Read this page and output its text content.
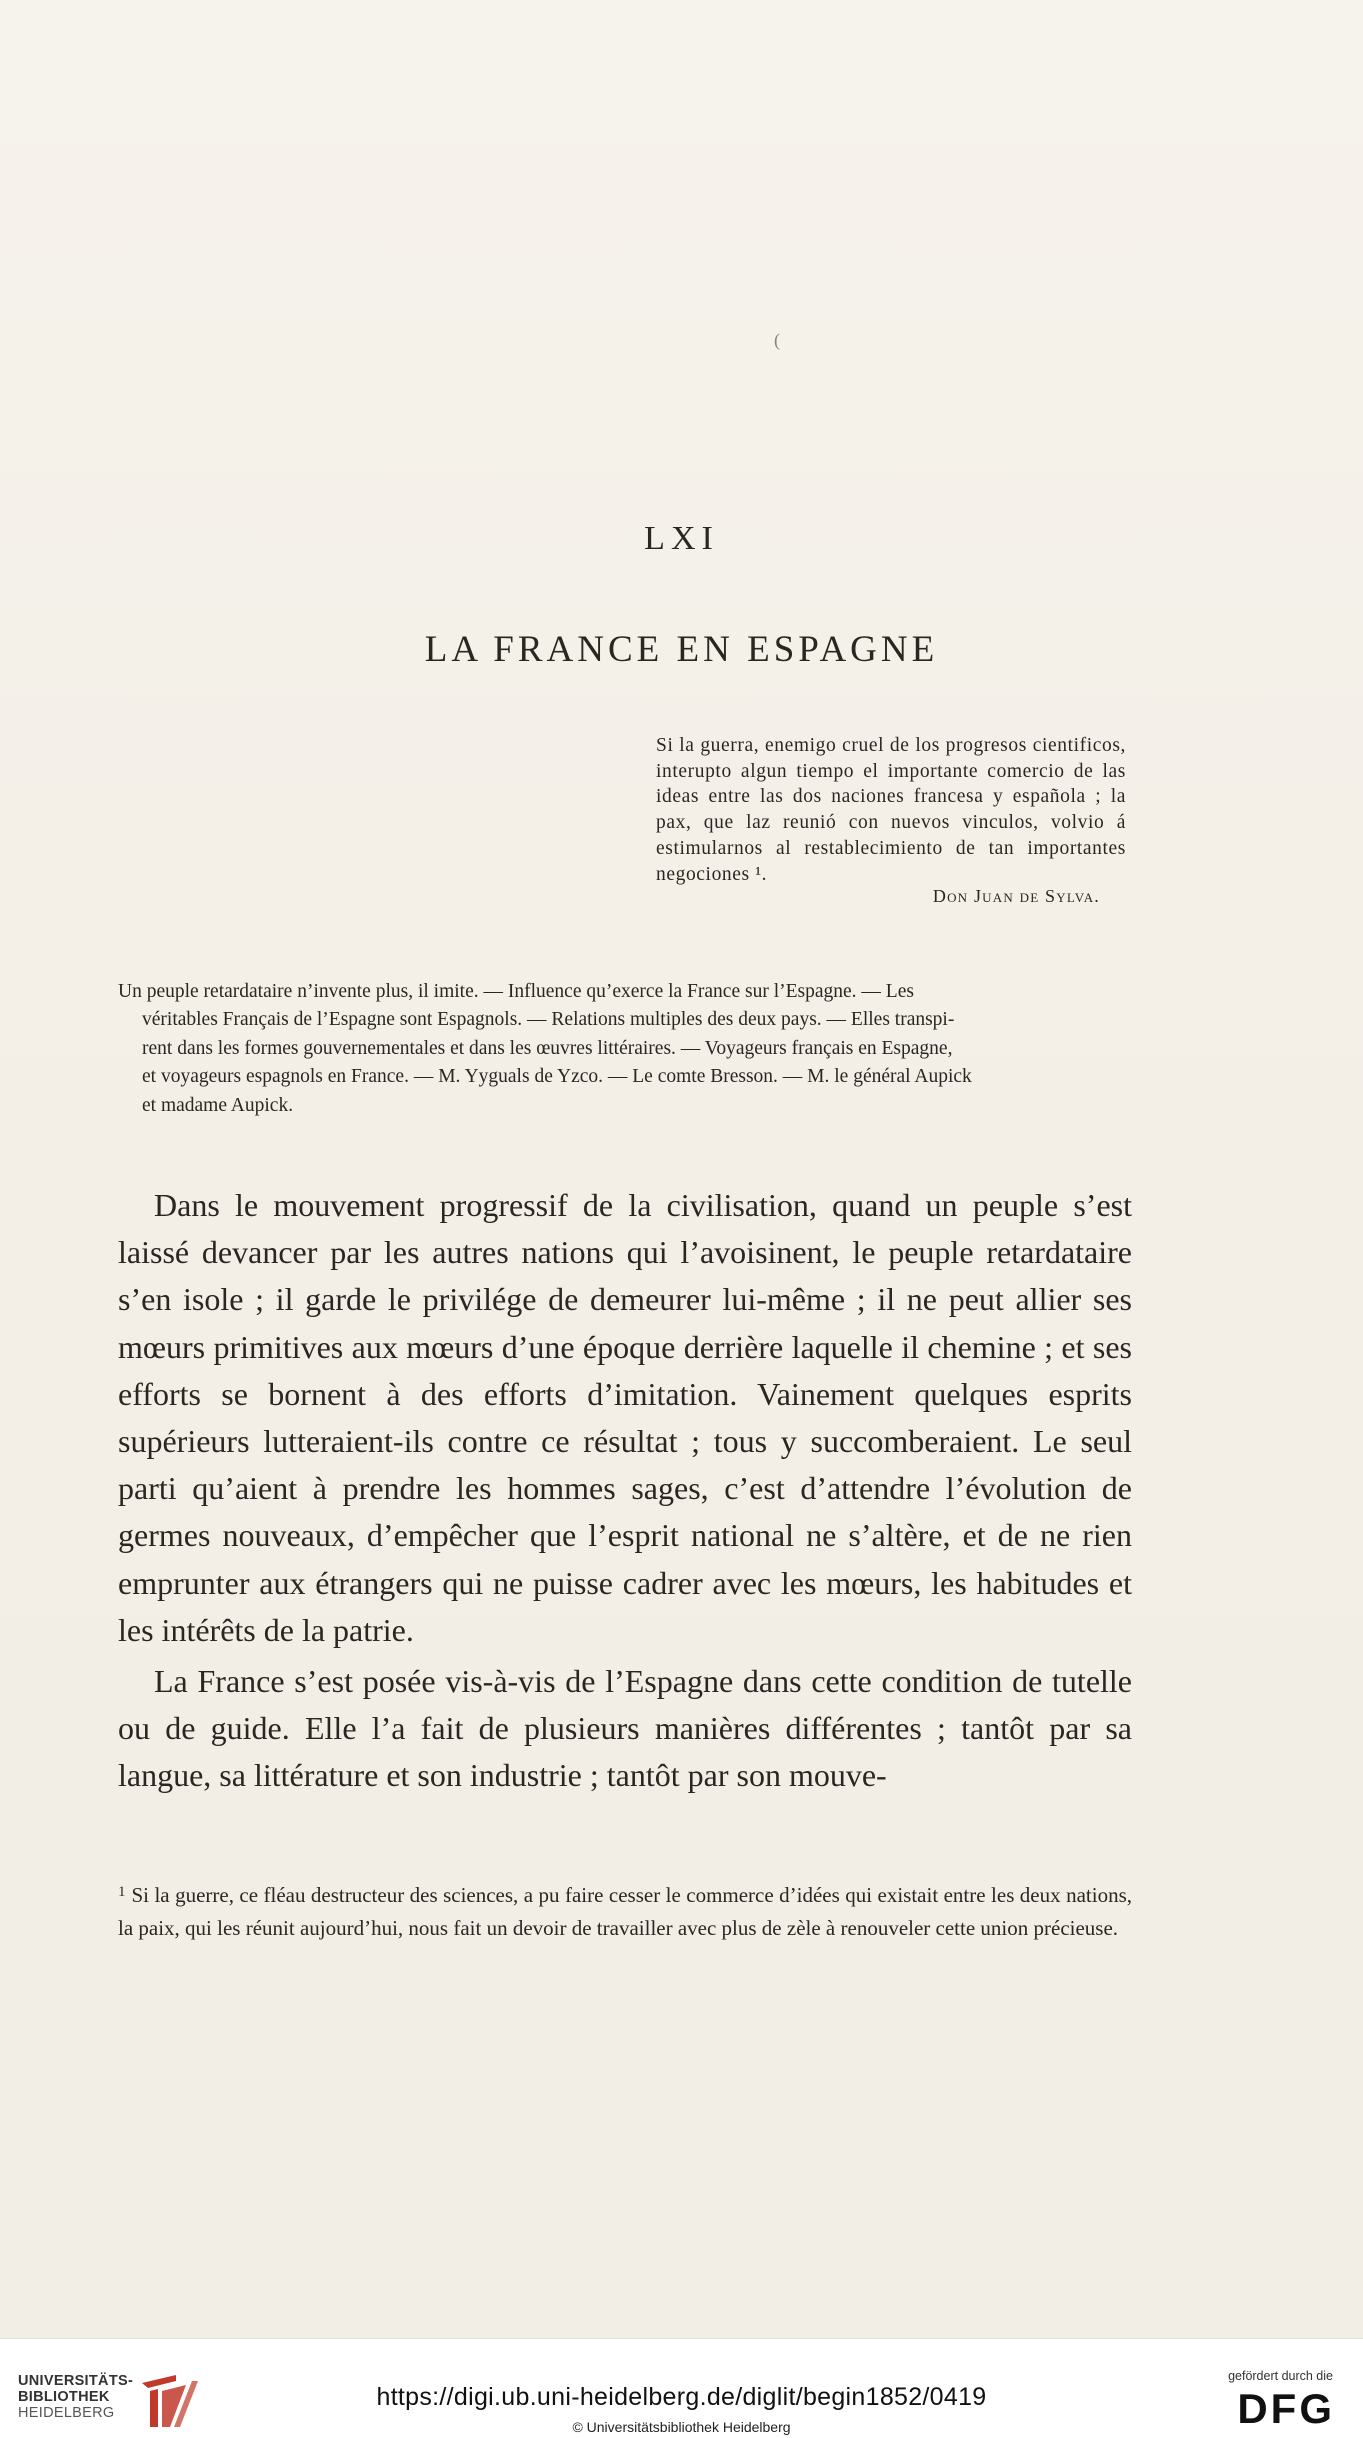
(
LXI
LA FRANCE EN ESPAGNE
Si la guerra, enemigo cruel de los progresos cientificos, interupto algun tiempo el importante comercio de las ideas entre las dos naciones francesa y española ; la pax, que laz reunió con nuevos vinculos, volvio á estimularnos al restablecimiento de tan importantes negociones ¹.
Don Juan de Sylva.
Un peuple retardataire n’invente plus, il imite. — Influence qu’exerce la France sur l’Espagne. — Les
véritables Français de l’Espagne sont Espagnols. — Relations multiples des deux pays. — Elles transpi-
rent dans les formes gouvernementales et dans les œuvres littéraires. — Voyageurs français en Espagne,
et voyageurs espagnols en France. — M. Yyguals de Yzco. — Le comte Bresson. — M. le général Aupick
et madame Aupick.

Dans le mouvement progressif de la civilisation, quand un peuple s’est laissé devancer par les autres nations qui l’avoisinent, le peuple retardataire s’en isole ; il garde le privilége de demeurer lui-même ; il ne peut allier ses mœurs primitives aux mœurs d’une époque derrière laquelle il chemine ; et ses efforts se bornent à des efforts d’imitation. Vainement quelques esprits supérieurs lutteraient-ils contre ce résultat ; tous y succomberaient. Le seul parti qu’aient à prendre les hommes sages, c’est d’attendre l’évolution de germes nouveaux, d’empêcher que l’esprit national ne s’altère, et de ne rien emprunter aux étrangers qui ne puisse cadrer avec les mœurs, les habitudes et les intérêts de la patrie.

La France s’est posée vis-à-vis de l’Espagne dans cette condition de tutelle ou de guide. Elle l’a fait de plusieurs manières différentes ; tantôt par sa langue, sa littérature et son industrie ; tantôt par son mouve-

$^1$ Si la guerre, ce fléau destructeur des sciences, a pu faire cesser le commerce d’idées qui existait entre les deux nations, la paix, qui les réunit aujourd’hui, nous fait un devoir de travailler avec plus de zèle à renouveler cette union précieuse.
UNIVERSITÄTS-
BIBLIOTHEK
HEIDELBERG
https://digi.ub.uni-heidelberg.de/diglit/begin1852/0419
© Universitätsbibliothek Heidelberg
gefördert durch die
DFG
